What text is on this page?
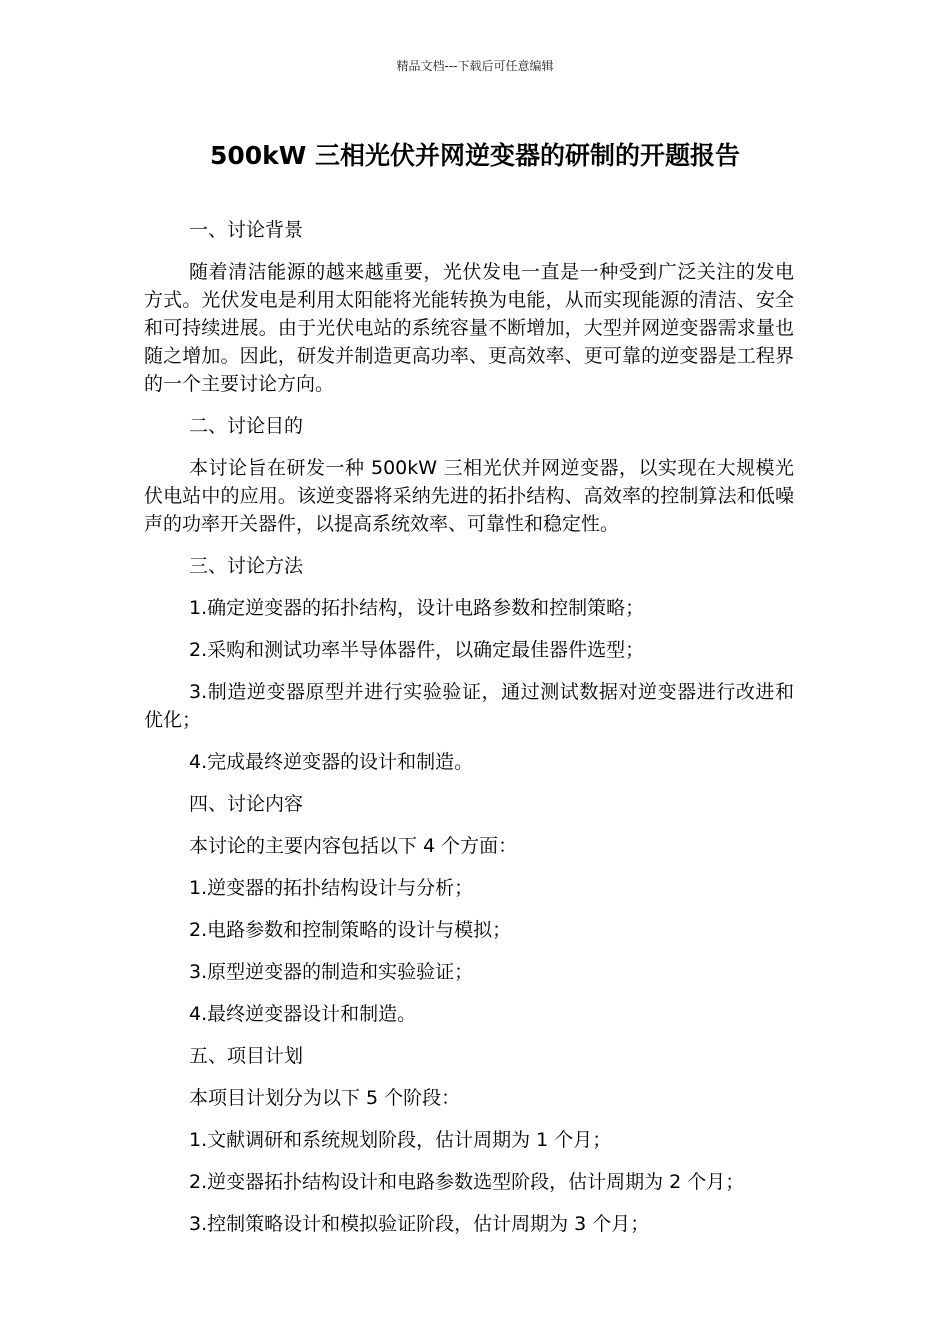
精品文档---下载后可任意编辑
500kW 三相光伏并网逆变器的研制的开题报告

一、讨论背景

随着清洁能源的越来越重要，光伏发电一直是一种受到广泛关注的发电方式。光伏发电是利用太阳能将光能转换为电能，从而实现能源的清洁、安全和可持续进展。由于光伏电站的系统容量不断增加，大型并网逆变器需求量也随之增加。因此，研发并制造更高功率、更高效率、更可靠的逆变器是工程界的一个主要讨论方向。

二、讨论目的

本讨论旨在研发一种 500kW 三相光伏并网逆变器，以实现在大规模光伏电站中的应用。该逆变器将采纳先进的拓扑结构、高效率的控制算法和低噪声的功率开关器件，以提高系统效率、可靠性和稳定性。

三、讨论方法

1.确定逆变器的拓扑结构，设计电路参数和控制策略；

2.采购和测试功率半导体器件，以确定最佳器件选型；

3.制造逆变器原型并进行实验验证，通过测试数据对逆变器进行改进和优化；

4.完成最终逆变器的设计和制造。

四、讨论内容

本讨论的主要内容包括以下 4 个方面：

1.逆变器的拓扑结构设计与分析；

2.电路参数和控制策略的设计与模拟；

3.原型逆变器的制造和实验验证；

4.最终逆变器设计和制造。

五、项目计划

本项目计划分为以下 5 个阶段：

1.文献调研和系统规划阶段，估计周期为 1 个月；

2.逆变器拓扑结构设计和电路参数选型阶段，估计周期为 2 个月；

3.控制策略设计和模拟验证阶段，估计周期为 3 个月；
